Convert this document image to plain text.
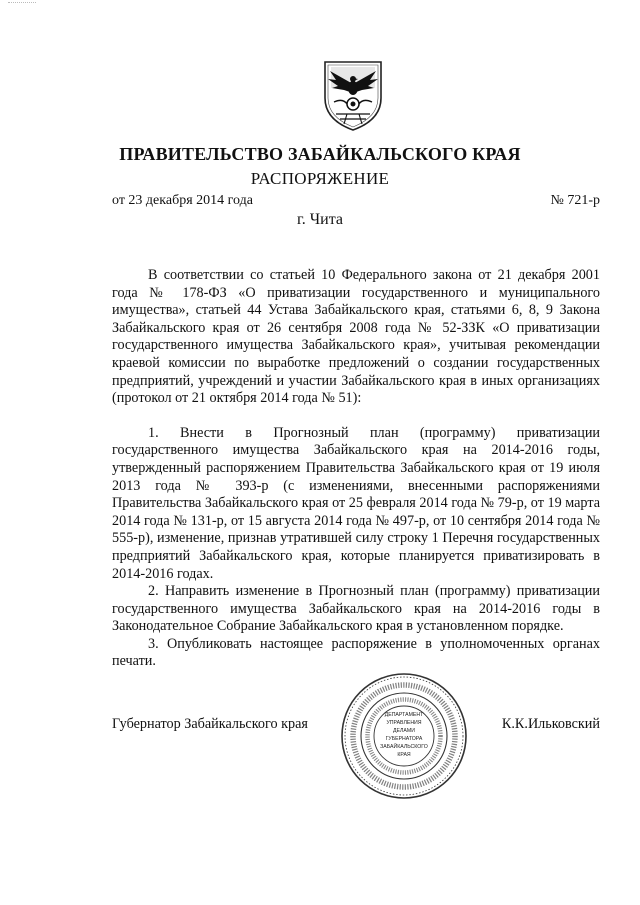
ПРАВИТЕЛЬСТВО ЗАБАЙКАЛЬСКОГО КРАЯ
РАСПОРЯЖЕНИЕ
от 23 декабря 2014 года	№ 721-р
г. Чита

В соответствии со статьей 10 Федерального закона от 21 декабря 2001 года № 178-ФЗ «О приватизации государственного и муниципального имущества», статьей 44 Устава Забайкальского края, статьями 6, 8, 9 Закона Забайкальского края от 26 сентября 2008 года № 52-ЗЗК «О приватизации государственного имущества Забайкальского края», учитывая рекомендации краевой комиссии по выработке предложений о создании государственных предприятий, учреждений и участии Забайкальского края в иных организациях (протокол от 21 октября 2014 года № 51):

1. Внести в Прогнозный план (программу) приватизации государственного имущества Забайкальского края на 2014-2016 годы, утвержденный распоряжением Правительства Забайкальского края от 19 июля 2013 года № 393-р (с изменениями, внесенными распоряжениями Правительства Забайкальского края от 25 февраля 2014 года № 79-р, от 19 марта 2014 года № 131-р, от 15 августа 2014 года № 497-р, от 10 сентября 2014 года № 555-р), изменение, признав утратившей силу строку 1 Перечня государственных предприятий Забайкальского края, которые планируется приватизировать в 2014-2016 годах.

2. Направить изменение в Прогнозный план (программу) приватизации государственного имущества Забайкальского края на 2014-2016 годы в Законодательное Собрание Забайкальского края в установленном порядке.

3. Опубликовать настоящее распоряжение в уполномоченных органах печати.

Губернатор Забайкальского края	К.К.Ильковский
ДЕПАРТАМЕНТ
УПРАВЛЕНИЯ
ДЕЛАМИ
ГУБЕРНАТОРА
ЗАБАЙКАЛЬСКОГО
КРАЯ
